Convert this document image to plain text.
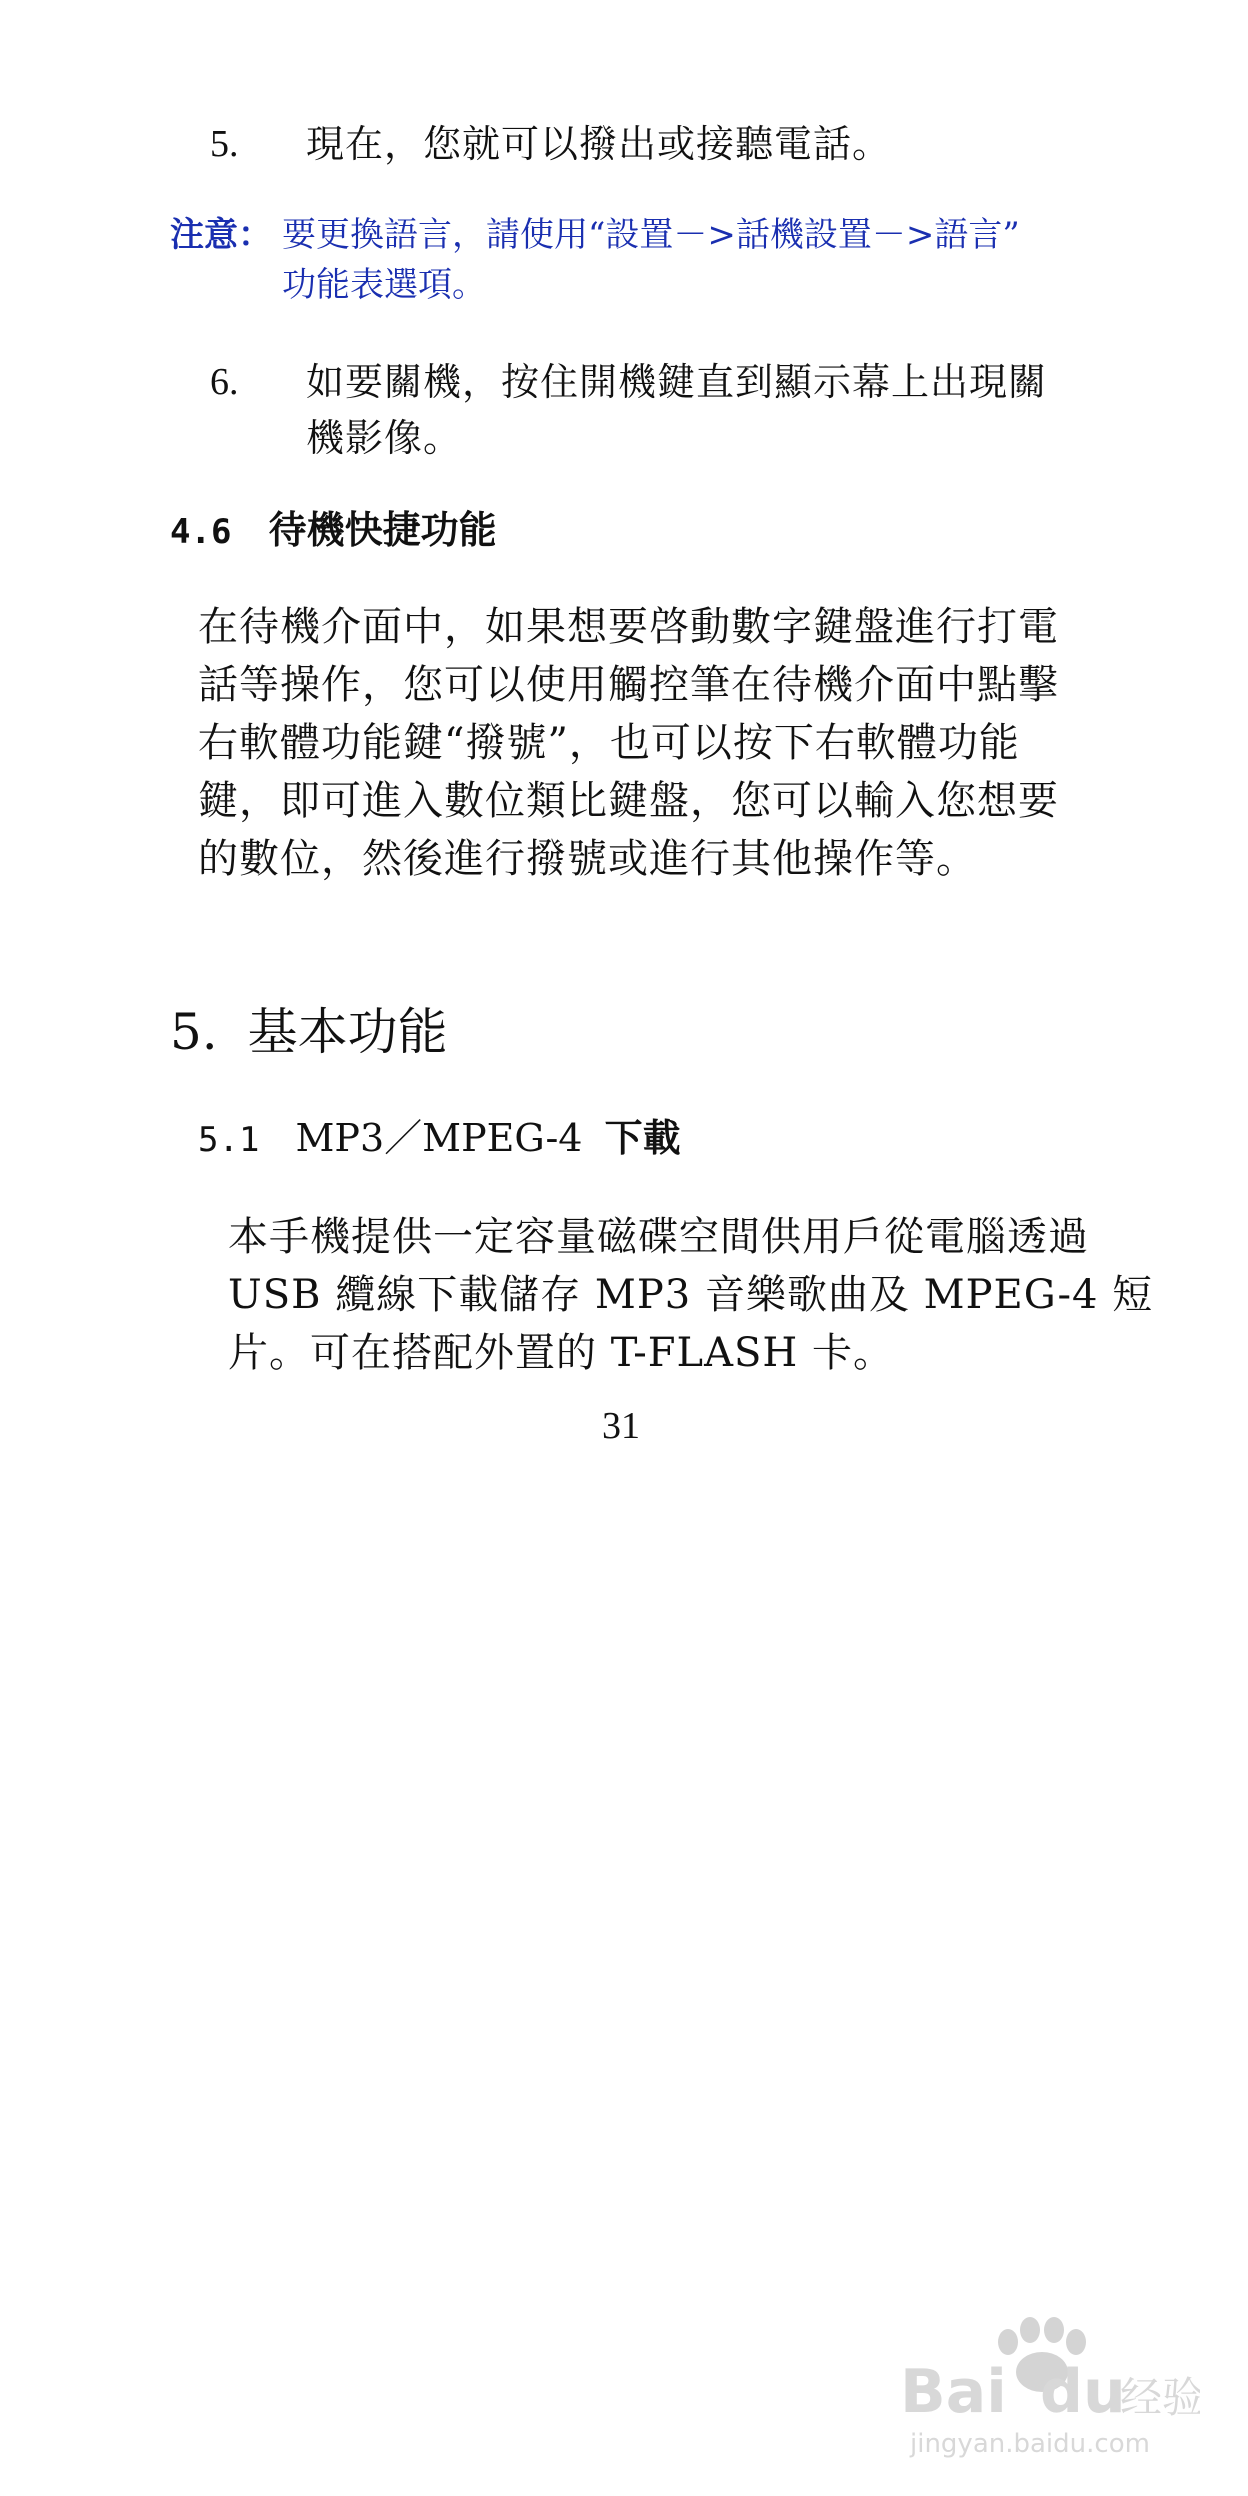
5. 現在，您就可以撥出或接聽電話。
注意： 要更換語言，請使用“設置－>話機設置－>語言”
功能表選項。
6. 如要關機，按住開機鍵直到顯示幕上出現關
機影像。
4.6 待機快捷功能
在待機介面中，如果想要啓動數字鍵盤進行打電
話等操作，您可以使用觸控筆在待機介面中點擊
右軟體功能鍵“撥號”，也可以按下右軟體功能
鍵，即可進入數位類比鍵盤，您可以輸入您想要
的數位，然後進行撥號或進行其他操作等。
5. 基本功能
5.1 MP3／MPEG-4 下載
本手機提供一定容量磁碟空間供用戶從電腦透過
USB 纜線下載儲存 MP3 音樂歌曲及 MPEG-4 短
片。可在搭配外置的 T-FLASH 卡。
31
Bai du
经验
jingyan.baidu.com
